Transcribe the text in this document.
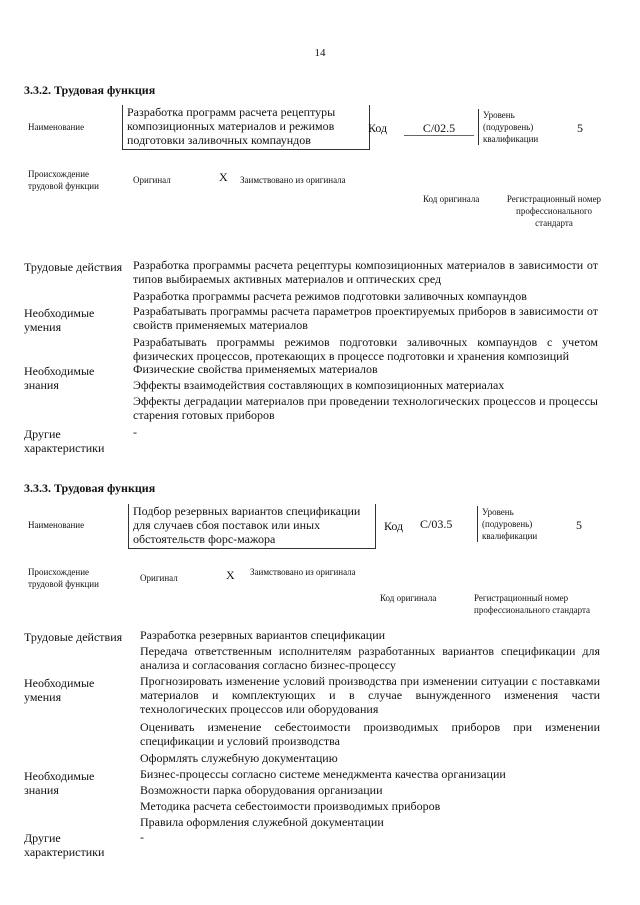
14
3.3.2. Трудовая функция
Наименование
Разработка программ расчета рецептуры композиционных материалов и режимов подготовки заливочных компаундов
Код	C/02.5
Уровень (подуровень) квалификации
5
Происхождение трудовой функции
Оригинал	X Заимствовано из оригинала
Код оригинала	Регистрационный номер профессионального стандарта
Трудовые действия Разработка программы расчета рецептуры композиционных материалов в зависимости от типов выбираемых активных материалов и оптических сред
Разработка программы расчета режимов подготовки заливочных компаундов
Необходимые умения
Разрабатывать программы расчета параметров проектируемых приборов в зависимости от свойств применяемых материалов
Разрабатывать программы режимов подготовки заливочных компаундов с учетом физических процессов, протекающих в процессе подготовки и хранения композиций
Необходимые знания
Физические свойства применяемых материалов
Эффекты взаимодействия составляющих в композиционных материалах
Эффекты деградации материалов при проведении технологических процессов и процессы старения готовых приборов
Другие характеристики
-
3.3.3. Трудовая функция
Наименование
Подбор резервных вариантов спецификации для случаев сбоя поставок или иных обстоятельств форс-мажора
Код C/03.5
Уровень (подуровень) квалификации
5
Происхождение трудовой функции
Оригинал	X Заимствовано из оригинала
Код оригинала	Регистрационный номер профессионального стандарта
Трудовые действия Разработка резервных вариантов спецификации
Передача ответственным исполнителям разработанных вариантов спецификации для анализа и согласования согласно бизнес-процессу
Необходимые умения
Прогнозировать изменение условий производства при изменении ситуации с поставками материалов и комплектующих и в случае вынужденного изменения части технологических процессов или оборудования
Оценивать изменение себестоимости производимых приборов при изменении спецификации и условий производства
Оформлять служебную документацию
Необходимые знания
Бизнес-процессы согласно системе менеджмента качества организации
Возможности парка оборудования организации
Методика расчета себестоимости производимых приборов
Правила оформления служебной документации
Другие характеристики
-
